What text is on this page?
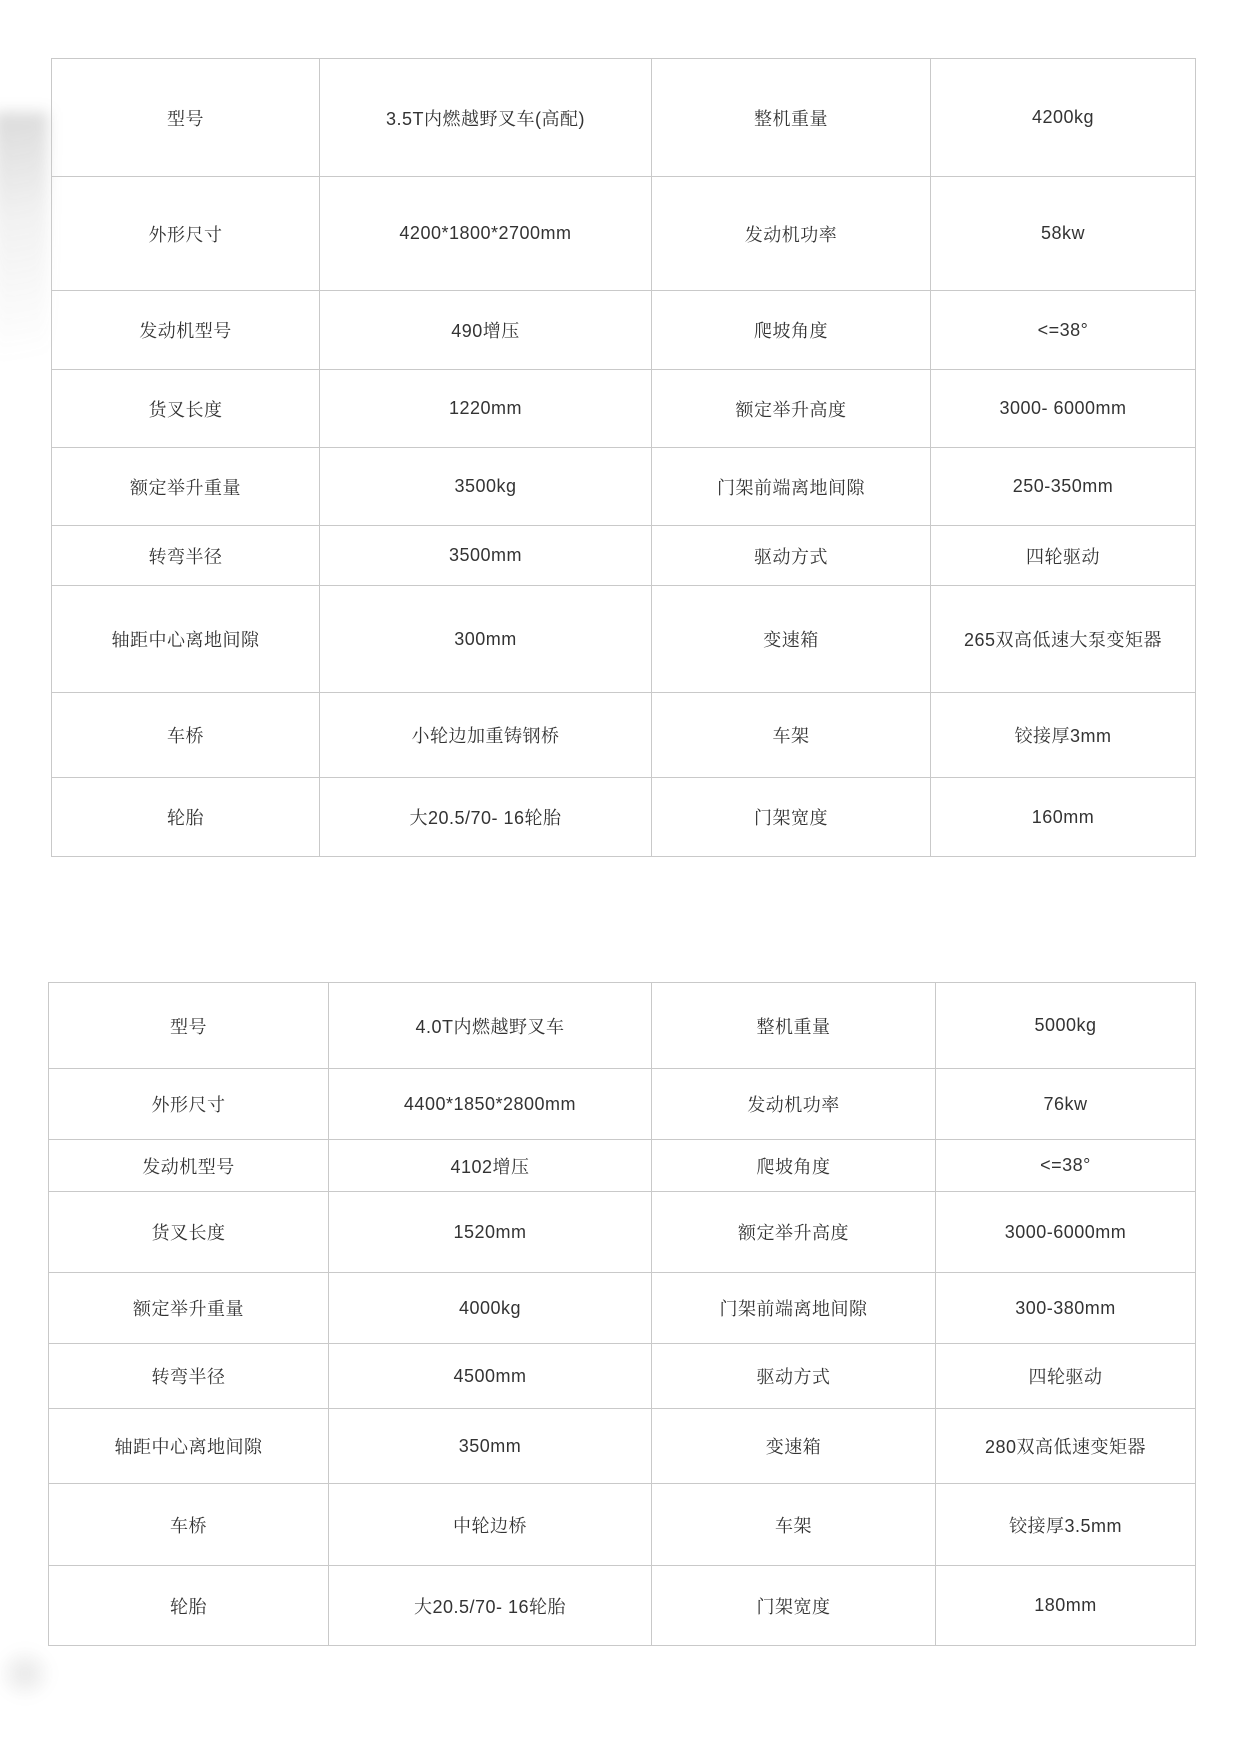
型号	3.5T内燃越野叉车(高配)	整机重量	4200kg
外形尺寸	4200*1800*2700mm	发动机功率	58kw
发动机型号	490增压	爬坡角度	<=38°
货叉长度	1220mm	额定举升高度	3000- 6000mm
额定举升重量	3500kg	门架前端离地间隙	250-350mm
转弯半径	3500mm	驱动方式	四轮驱动
轴距中心离地间隙	300mm	变速箱	265双高低速大泵变矩器
车桥	小轮边加重铸钢桥	车架	铰接厚3mm
轮胎	大20.5/70- 16轮胎	门架宽度	160mm
型号	4.0T内燃越野叉车	整机重量	5000kg
外形尺寸	4400*1850*2800mm	发动机功率	76kw
发动机型号	4102增压	爬坡角度	<=38°
货叉长度	1520mm	额定举升高度	3000-6000mm
额定举升重量	4000kg	门架前端离地间隙	300-380mm
转弯半径	4500mm	驱动方式	四轮驱动
轴距中心离地间隙	350mm	变速箱	280双高低速变矩器
车桥	中轮边桥	车架	铰接厚3.5mm
轮胎	大20.5/70- 16轮胎	门架宽度	180mm
